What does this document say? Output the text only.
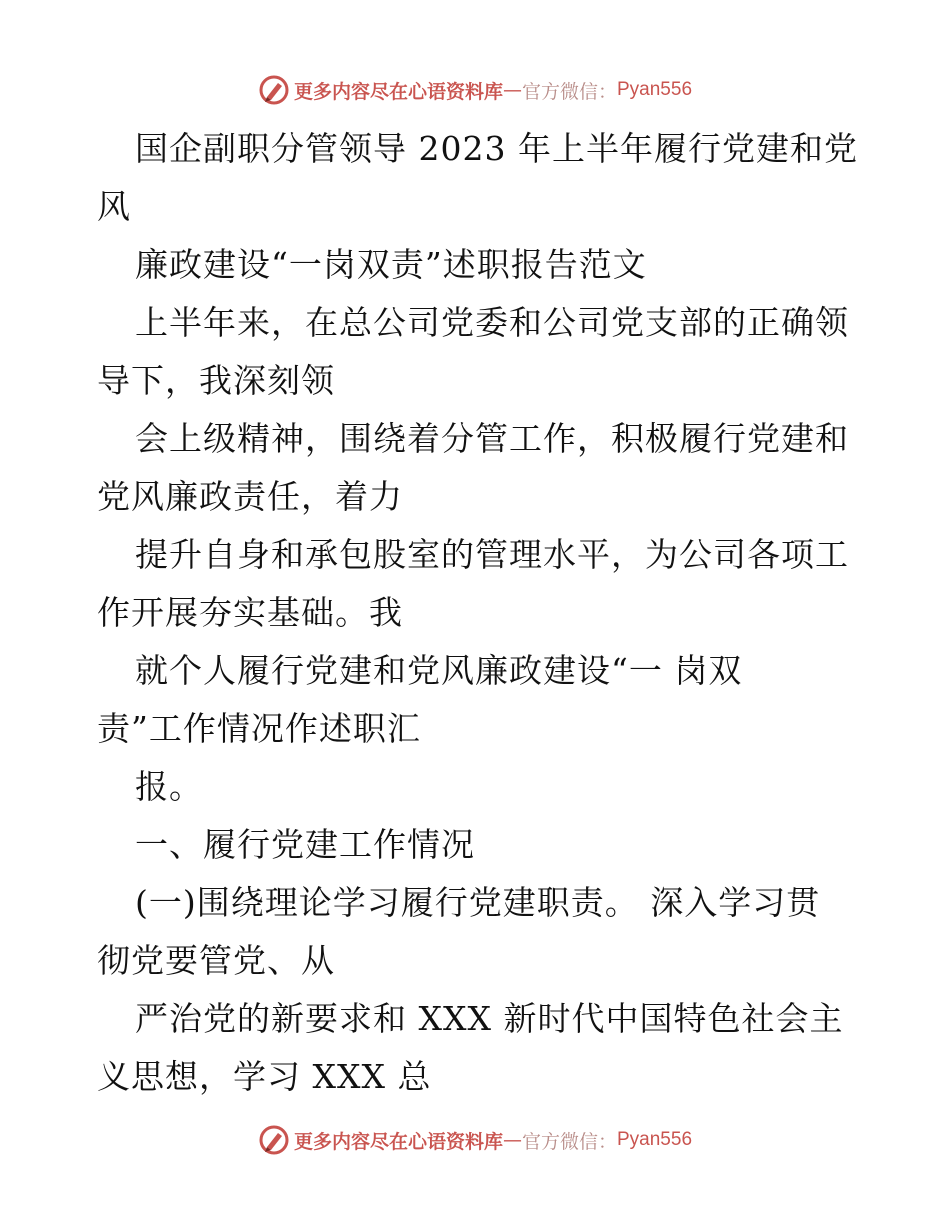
更多内容尽在心语资料库 — 官方微信： Pyan556
国企副职分管领导 2023 年上半年履行党建和党
风
廉政建设“一岗双责”述职报告范文
上半年来，在总公司党委和公司党支部的正确领
导下，我深刻领
会上级精神，围绕着分管工作，积极履行党建和
党风廉政责任，着力
提升自身和承包股室的管理水平，为公司各项工
作开展夯实基础。我
就个人履行党建和党风廉政建设“一 岗双
责”工作情况作述职汇
报。
一、履行党建工作情况
(一)围绕理论学习履行党建职责。 深入学习贯
彻党要管党、从
严治党的新要求和 XXX 新时代中国特色社会主
义思想，学习 XXX 总
更多内容尽在心语资料库 — 官方微信： Pyan556
